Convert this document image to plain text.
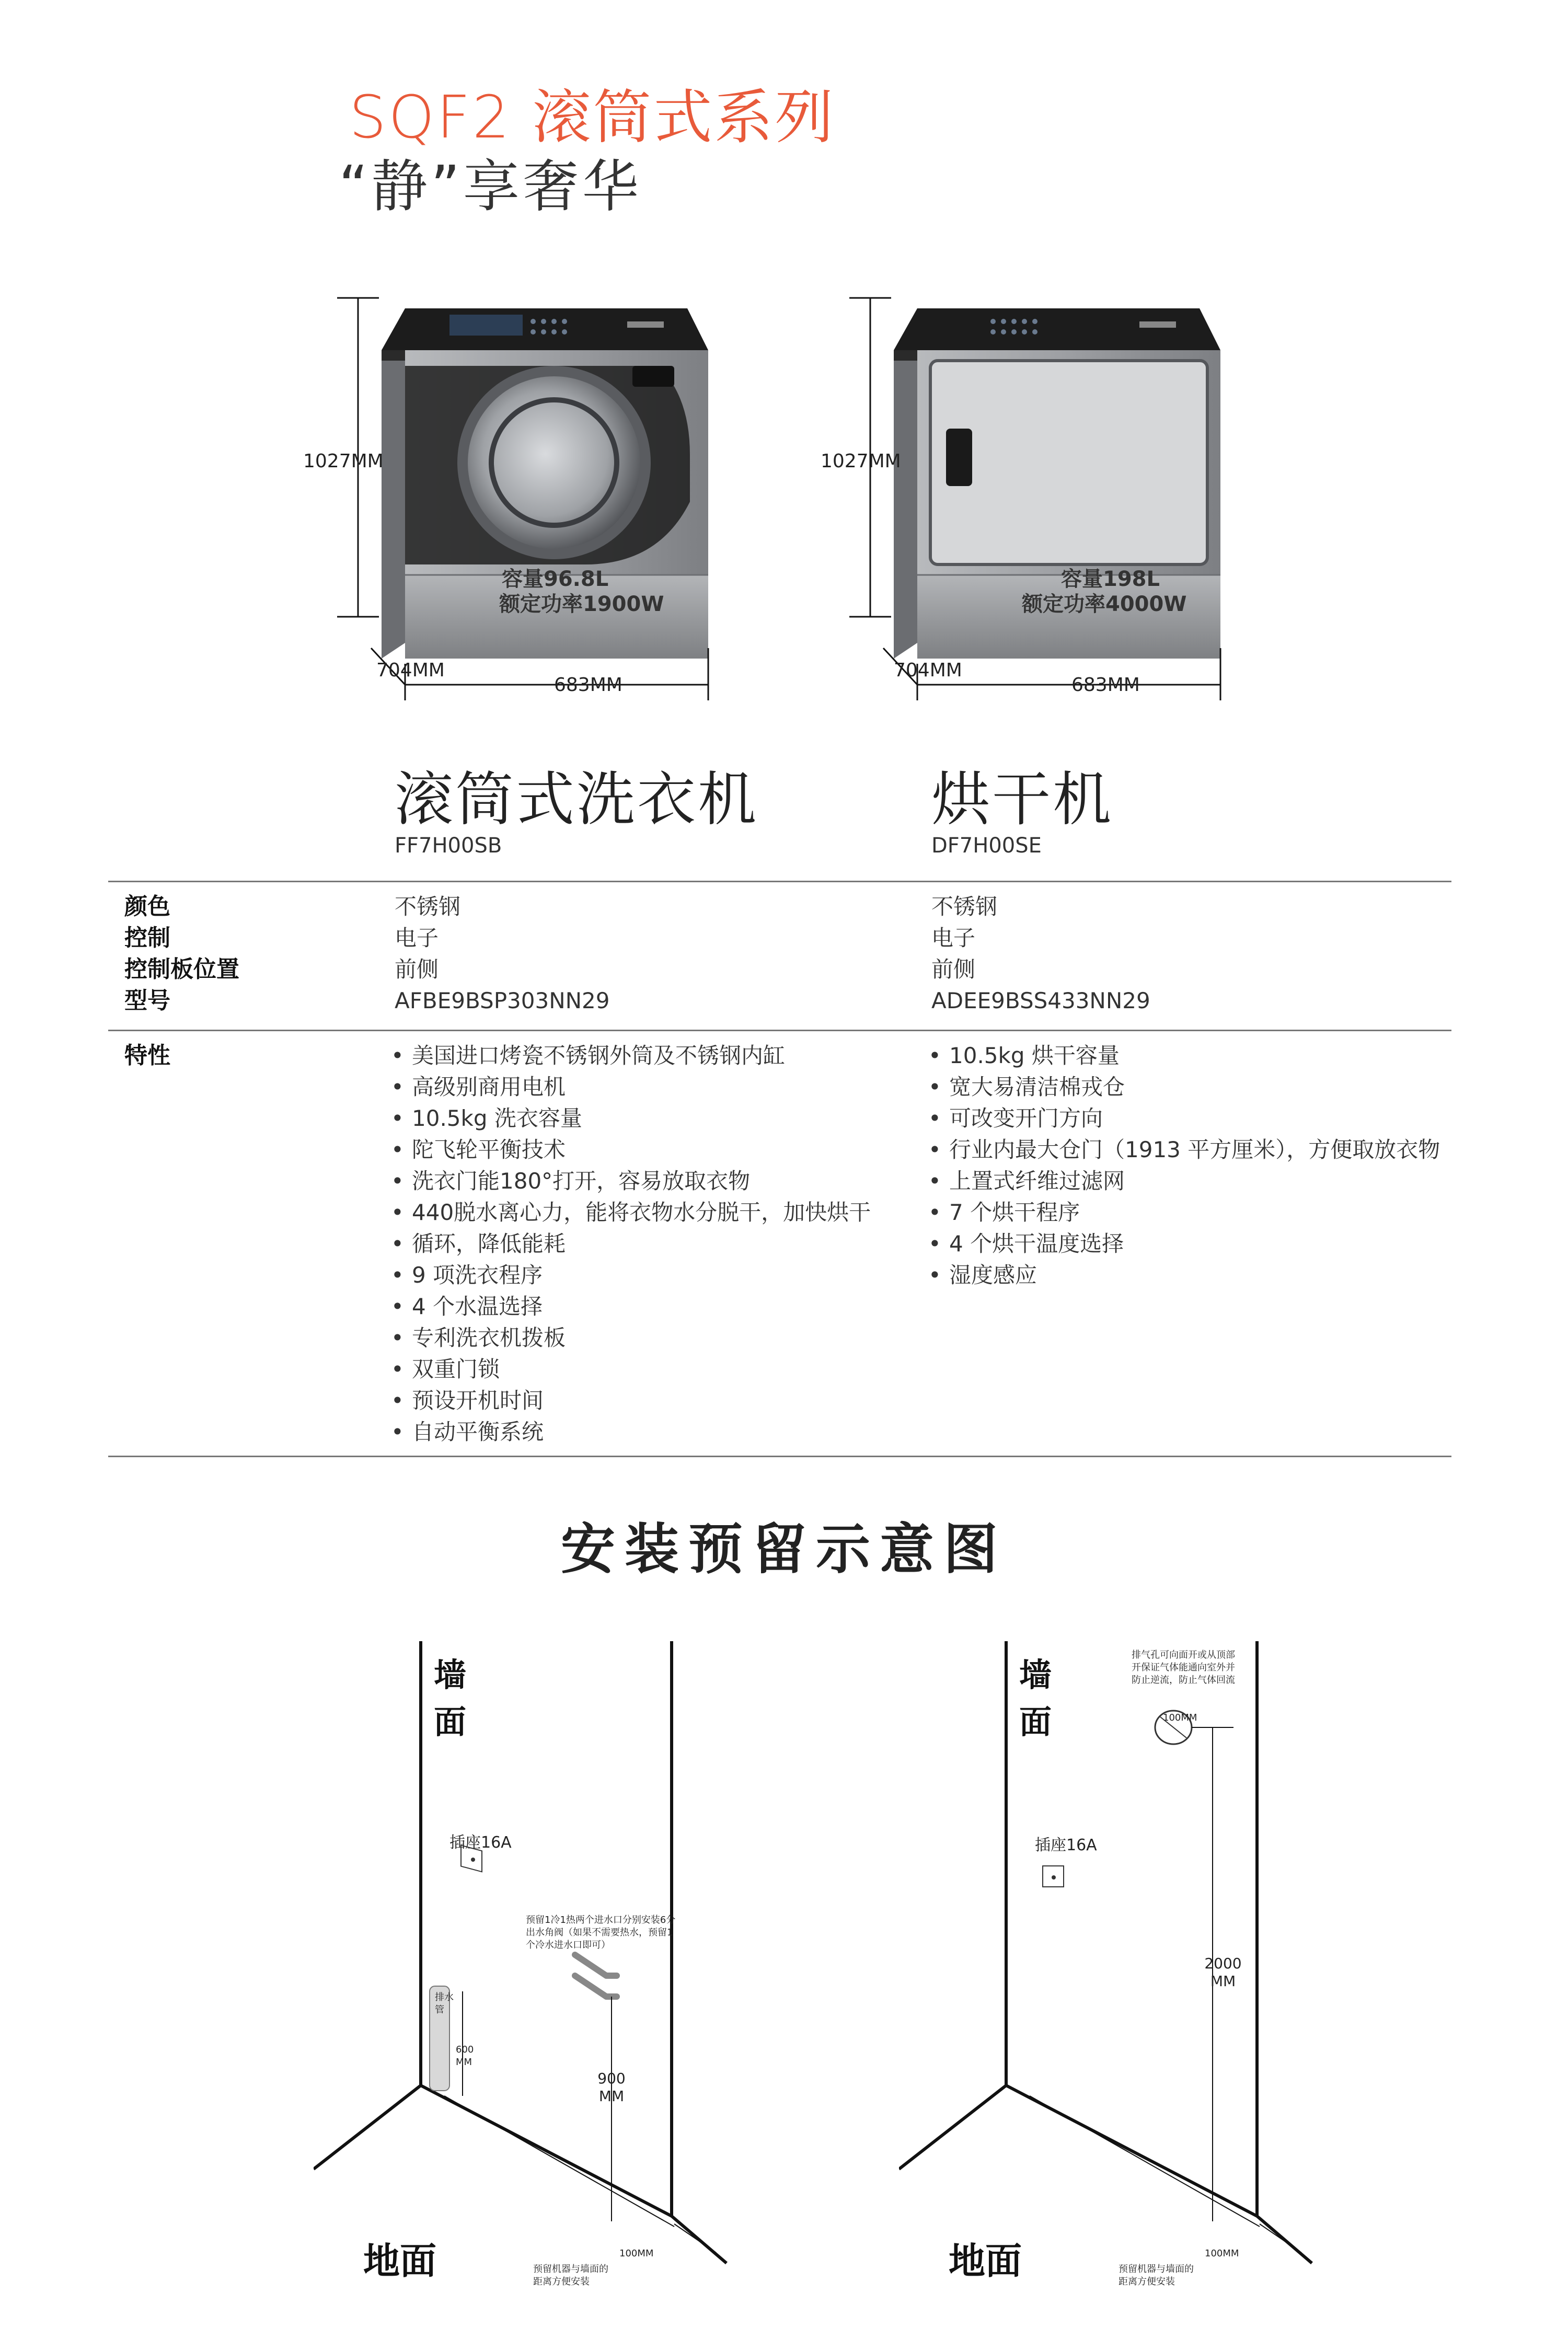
SQF2 滚筒式系列
“静”享奢华
1027MM
704MM
683MM
容量96.8L
额定功率1900W
1027MM
704MM
683MM
容量198L
额定功率4000W
滚筒式洗衣机
FF7H00SB
烘干机
DF7H00SE
颜色
控制
控制板位置
型号
不锈钢
电子
前侧
AFBE9BSP303NN29
不锈钢
电子
前侧
ADEE9BSS433NN29
特性
•	美国进口烤瓷不锈钢外筒及不锈钢内缸
• 高级别商用电机
• 10.5kg 洗衣容量
• 陀飞轮平衡技术
• 洗衣门能180°打开，容易放取衣物
• 440脱水离心力，能将衣物水分脱干，加快烘干
• 循环，降低能耗
• 9 项洗衣程序
• 4 个水温选择
• 专利洗衣机拨板
• 双重门锁
• 预设开机时间
• 自动平衡系统
• 10.5kg 烘干容量
• 宽大易清洁棉戎仓
• 可改变开门方向
• 行业内最大仓门（1913 平方厘米），方便取放衣物
• 上置式纤维过滤网
• 7 个烘干程序
• 4 个烘干温度选择
• 湿度感应
安装预留示意图
墙
面
插座16A
预留1冷1热两个进水口分别安装6分出水角阀（如果不需要热水，预留1个冷水进水口即可）
排水管
600 MM
900 MM
地面	预留机器与墙面的距离方便安装
100MM
墙
面
排气孔可向面开或从顶部开保证气体能通向室外并防止逆流，防止气体回流
100MM
插座16A
2000 MM
地面	预留机器与墙面的距离方便安装
100MM
